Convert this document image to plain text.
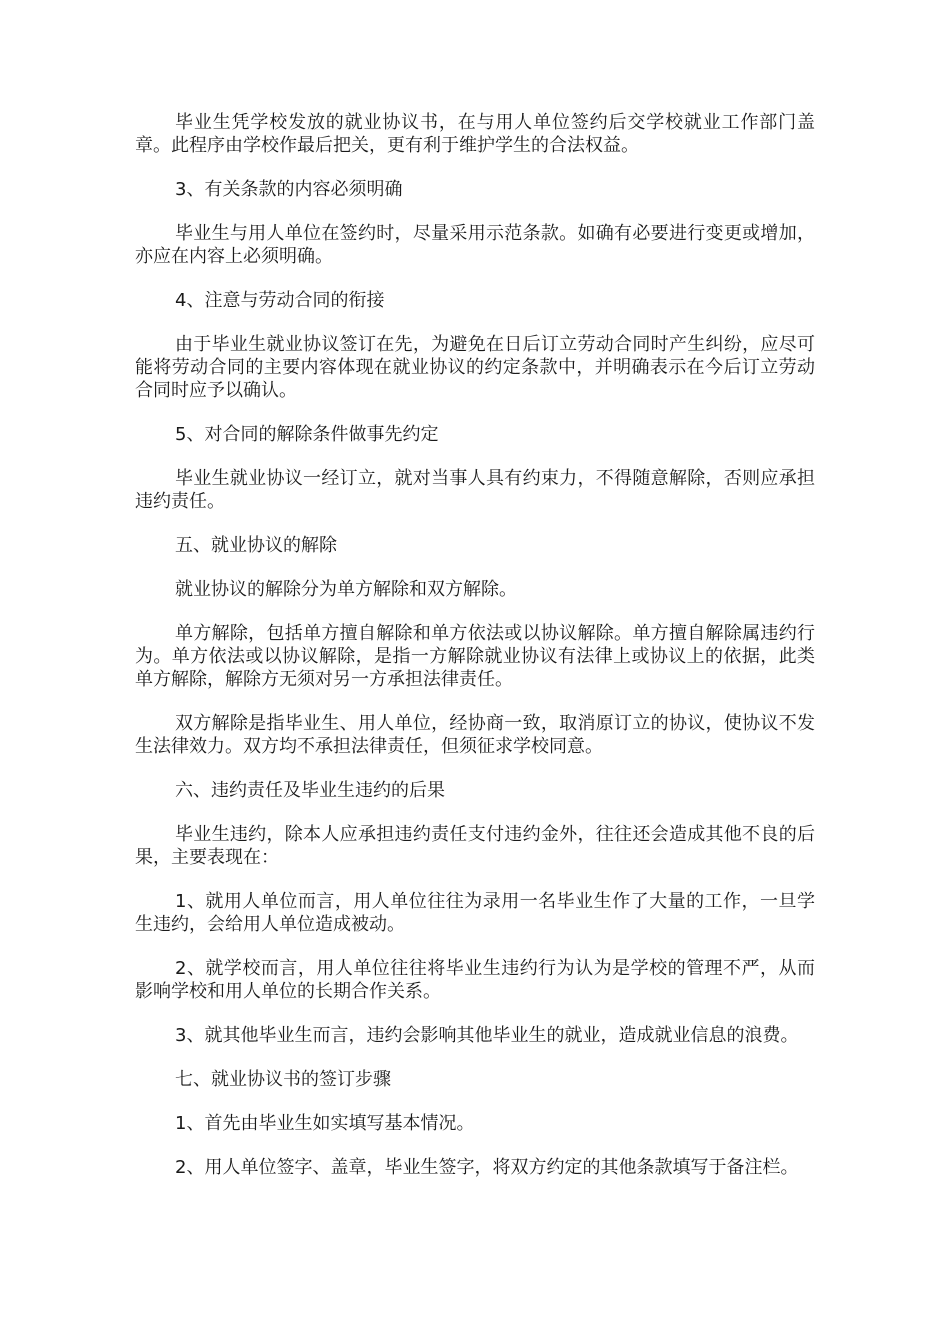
毕业生凭学校发放的就业协议书，在与用人单位签约后交学校就业工作部门盖章。此程序由学校作最后把关，更有利于维护学生的合法权益。

3、有关条款的内容必须明确

毕业生与用人单位在签约时，尽量采用示范条款。如确有必要进行变更或增加，亦应在内容上必须明确。

4、注意与劳动合同的衔接

由于毕业生就业协议签订在先，为避免在日后订立劳动合同时产生纠纷，应尽可能将劳动合同的主要内容体现在就业协议的约定条款中，并明确表示在今后订立劳动合同时应予以确认。

5、对合同的解除条件做事先约定

毕业生就业协议一经订立，就对当事人具有约束力，不得随意解除，否则应承担违约责任。

五、就业协议的解除

就业协议的解除分为单方解除和双方解除。

单方解除，包括单方擅自解除和单方依法或以协议解除。单方擅自解除属违约行为。单方依法或以协议解除，是指一方解除就业协议有法律上或协议上的依据，此类单方解除，解除方无须对另一方承担法律责任。

双方解除是指毕业生、用人单位，经协商一致，取消原订立的协议，使协议不发生法律效力。双方均不承担法律责任，但须征求学校同意。

六、违约责任及毕业生违约的后果

毕业生违约，除本人应承担违约责任支付违约金外，往往还会造成其他不良的后果，主要表现在：

1、就用人单位而言，用人单位往往为录用一名毕业生作了大量的工作，一旦学生违约，会给用人单位造成被动。

2、就学校而言，用人单位往往将毕业生违约行为认为是学校的管理不严，从而影响学校和用人单位的长期合作关系。

3、就其他毕业生而言，违约会影响其他毕业生的就业，造成就业信息的浪费。

七、就业协议书的签订步骤

1、首先由毕业生如实填写基本情况。

2、用人单位签字、盖章，毕业生签字，将双方约定的其他条款填写于备注栏。
